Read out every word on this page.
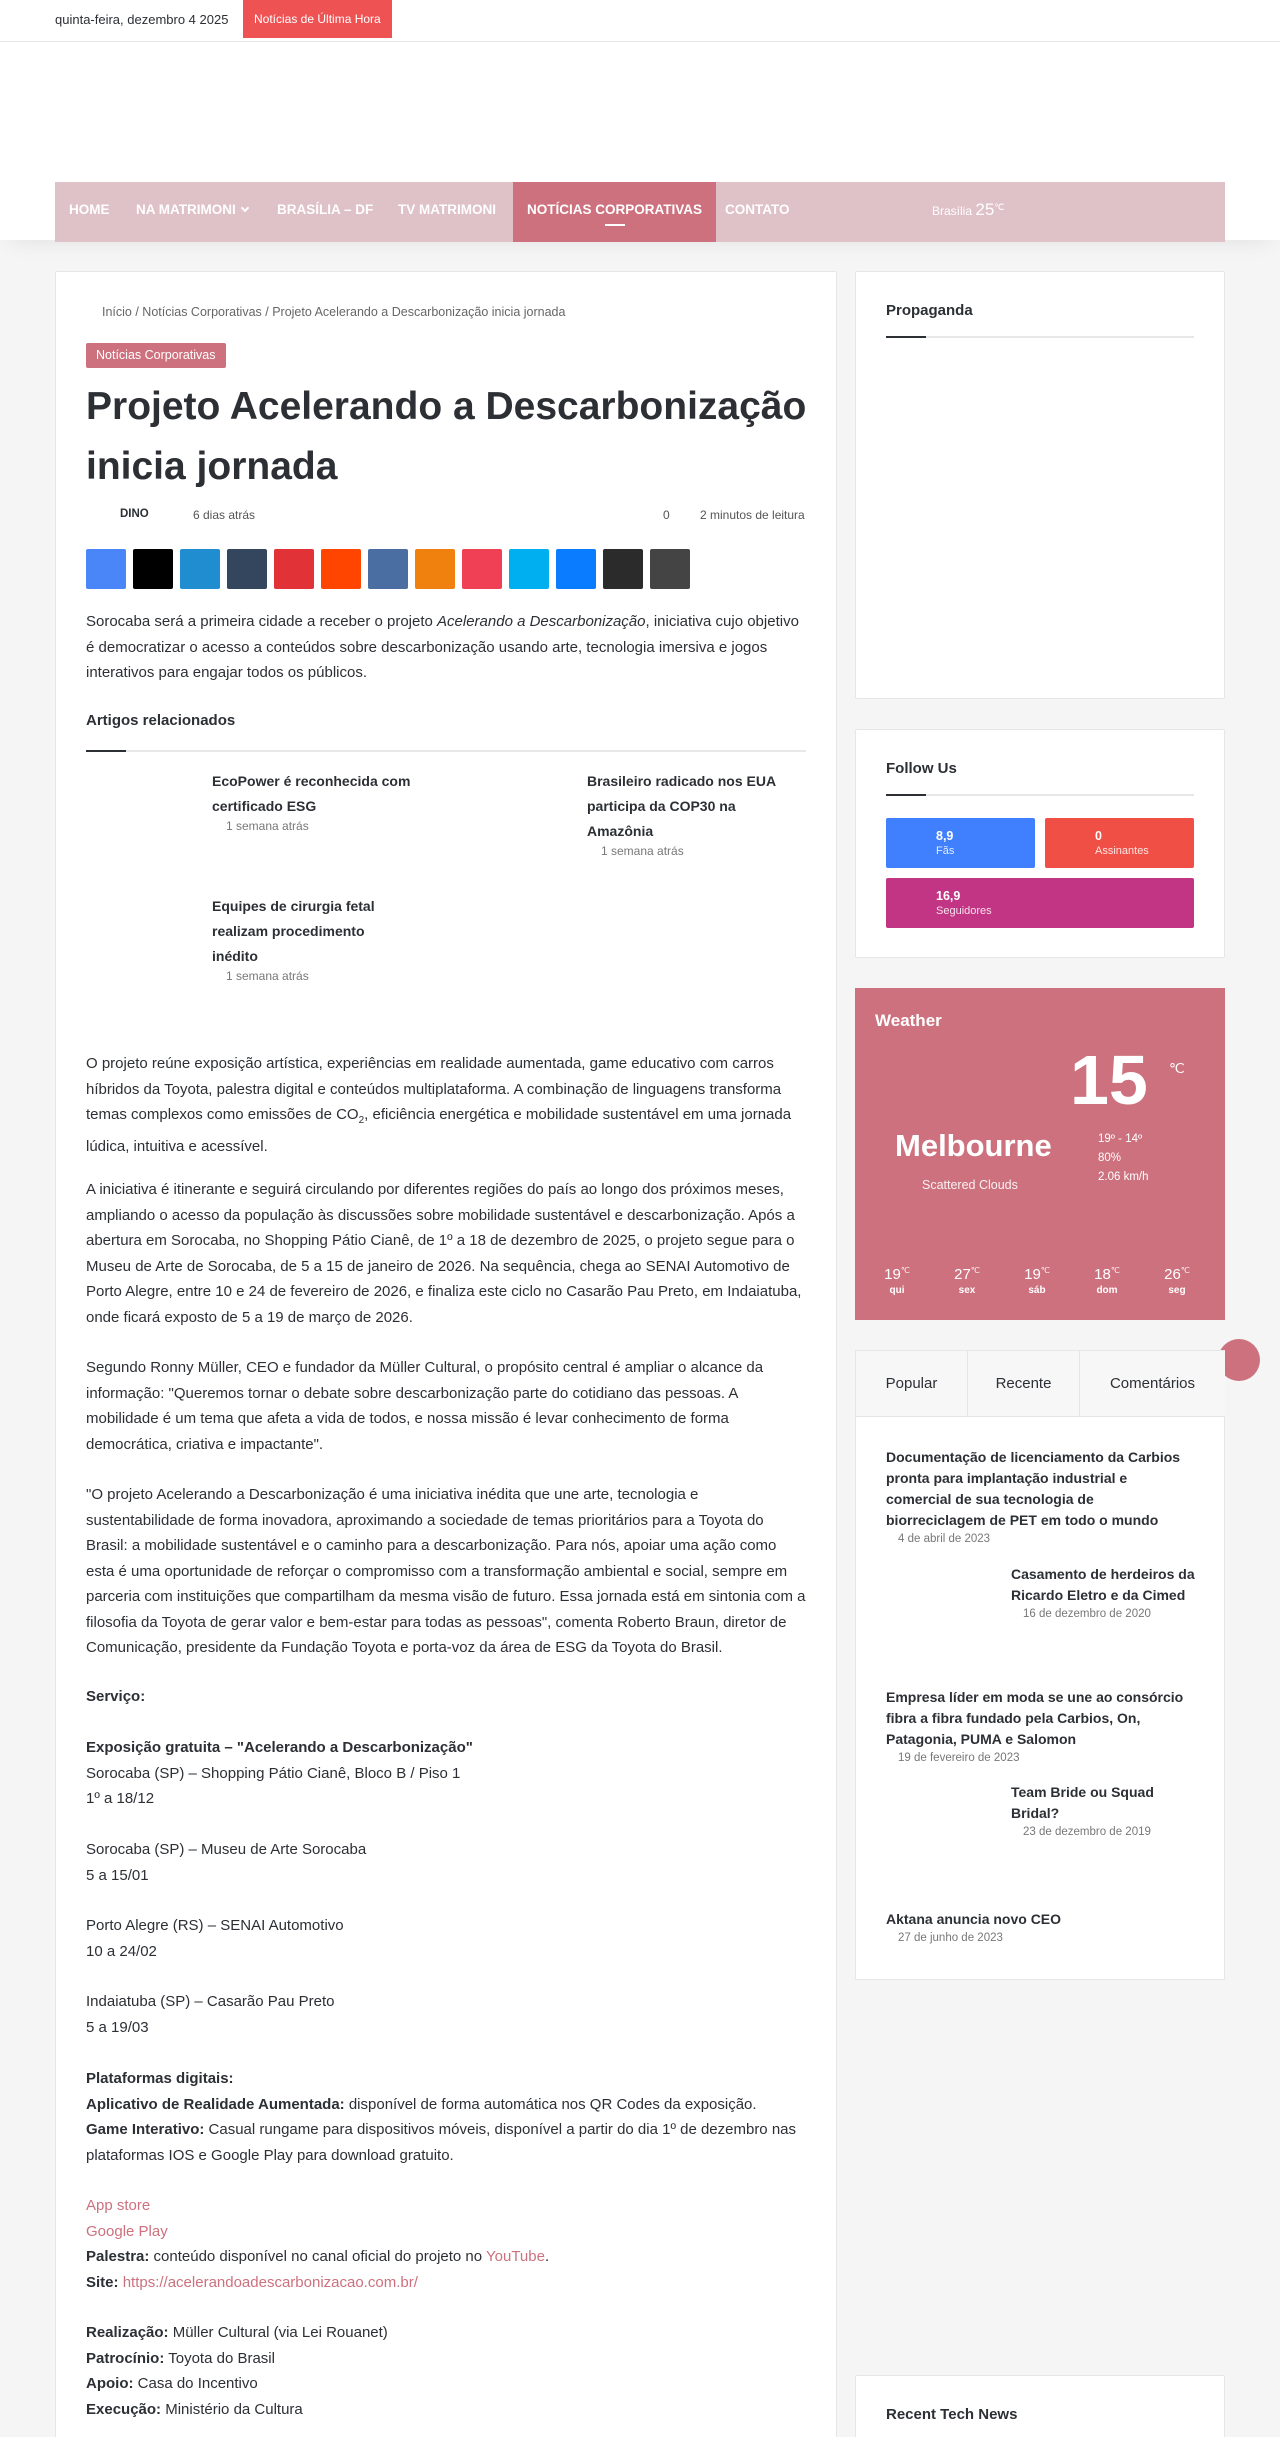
quinta-feira, dezembro 4 2025	Notícias de Última Hora
HOME NA MATRIMONI	BRASÍLIA – DF TV MATRIMONI	NOTÍCIAS CORPORATIVAS	CONTATO	Brasília 25℃
Início / Notícias Corporativas / Projeto Acelerando a Descarbonização inicia jornada
Notícias Corporativas
Projeto Acelerando a Descarbonização inicia jornada
DINO	6 dias atrás	0	2 minutos de leitura

Sorocaba será a primeira cidade a receber o projeto Acelerando a Descarbonização, iniciativa cujo objetivo é democratizar o acesso a conteúdos sobre descarbonização usando arte, tecnologia imersiva e jogos interativos para engajar todos os públicos.

Artigos relacionados
EcoPower é reconhecida com certificado ESG
1 semana atrás
Brasileiro radicado nos EUA participa da COP30 na Amazônia
1 semana atrás
Equipes de cirurgia fetal realizam procedimento inédito
1 semana atrás

O projeto reúne exposição artística, experiências em realidade aumentada, game educativo com carros híbridos da Toyota, palestra digital e conteúdos multiplataforma. A combinação de linguagens transforma temas complexos como emissões de $CO_2$, eficiência energética e mobilidade sustentável em uma jornada lúdica, intuitiva e acessível.

A iniciativa é itinerante e seguirá circulando por diferentes regiões do país ao longo dos próximos meses, ampliando o acesso da população às discussões sobre mobilidade sustentável e descarbonização. Após a abertura em Sorocaba, no Shopping Pátio Cianê, de 1º a 18 de dezembro de 2025, o projeto segue para o Museu de Arte de Sorocaba, de 5 a 15 de janeiro de 2026. Na sequência, chega ao SENAI Automotivo de Porto Alegre, entre 10 e 24 de fevereiro de 2026, e finaliza este ciclo no Casarão Pau Preto, em Indaiatuba, onde ficará exposto de 5 a 19 de março de 2026.

Segundo Ronny Müller, CEO e fundador da Müller Cultural, o propósito central é ampliar o alcance da informação: "Queremos tornar o debate sobre descarbonização parte do cotidiano das pessoas. A mobilidade é um tema que afeta a vida de todos, e nossa missão é levar conhecimento de forma democrática, criativa e impactante".

"O projeto Acelerando a Descarbonização é uma iniciativa inédita que une arte, tecnologia e sustentabilidade de forma inovadora, aproximando a sociedade de temas prioritários para a Toyota do Brasil: a mobilidade sustentável e o caminho para a descarbonização. Para nós, apoiar uma ação como esta é uma oportunidade de reforçar o compromisso com a transformação ambiental e social, sempre em parceria com instituições que compartilham da mesma visão de futuro. Essa jornada está em sintonia com a filosofia da Toyota de gerar valor e bem-estar para todas as pessoas", comenta Roberto Braun, diretor de Comunicação, presidente da Fundação Toyota e porta-voz da área de ESG da Toyota do Brasil.

Serviço:

Exposição gratuita – "Acelerando a Descarbonização"
Sorocaba (SP) – Shopping Pátio Cianê, Bloco B / Piso 1
1º a 18/12

Sorocaba (SP) – Museu de Arte Sorocaba
5 a 15/01

Porto Alegre (RS) – SENAI Automotivo
10 a 24/02

Indaiatuba (SP) – Casarão Pau Preto
5 a 19/03

Plataformas digitais:
Aplicativo de Realidade Aumentada: disponível de forma automática nos QR Codes da exposição.
Game Interativo: Casual rungame para dispositivos móveis, disponível a partir do dia 1º de dezembro nas plataformas IOS e Google Play para download gratuito.

App store
Google Play
Palestra: conteúdo disponível no canal oficial do projeto no YouTube.
Site: https://acelerandoadescarbonizacao.com.br/

Realização: Müller Cultural (via Lei Rouanet)
Patrocínio: Toyota do Brasil
Apoio: Casa do Incentivo
Execução: Ministério da Cultura

Propaganda
Follow Us
8,9
Fãs
0
Assinantes
16,9
Seguidores
Weather
15 ℃
Melbourne
Scattered Clouds
19º - 14º
80%
2.06 km/h
19℃
qui
27℃
sex
19℃
sáb
18℃
dom
26℃
seg
Popular	Recente	Comentários
Documentação de licenciamento da Carbios pronta para implantação industrial e comercial de sua tecnologia de biorreciclagem de PET em todo o mundo
4 de abril de 2023
Casamento de herdeiros da Ricardo Eletro e da Cimed
16 de dezembro de 2020
Empresa líder em moda se une ao consórcio fibra a fibra fundado pela Carbios, On, Patagonia, PUMA e Salomon
19 de fevereiro de 2023
Team Bride ou Squad Bridal?
23 de dezembro de 2019
Aktana anuncia novo CEO
27 de junho de 2023
Recent Tech News
